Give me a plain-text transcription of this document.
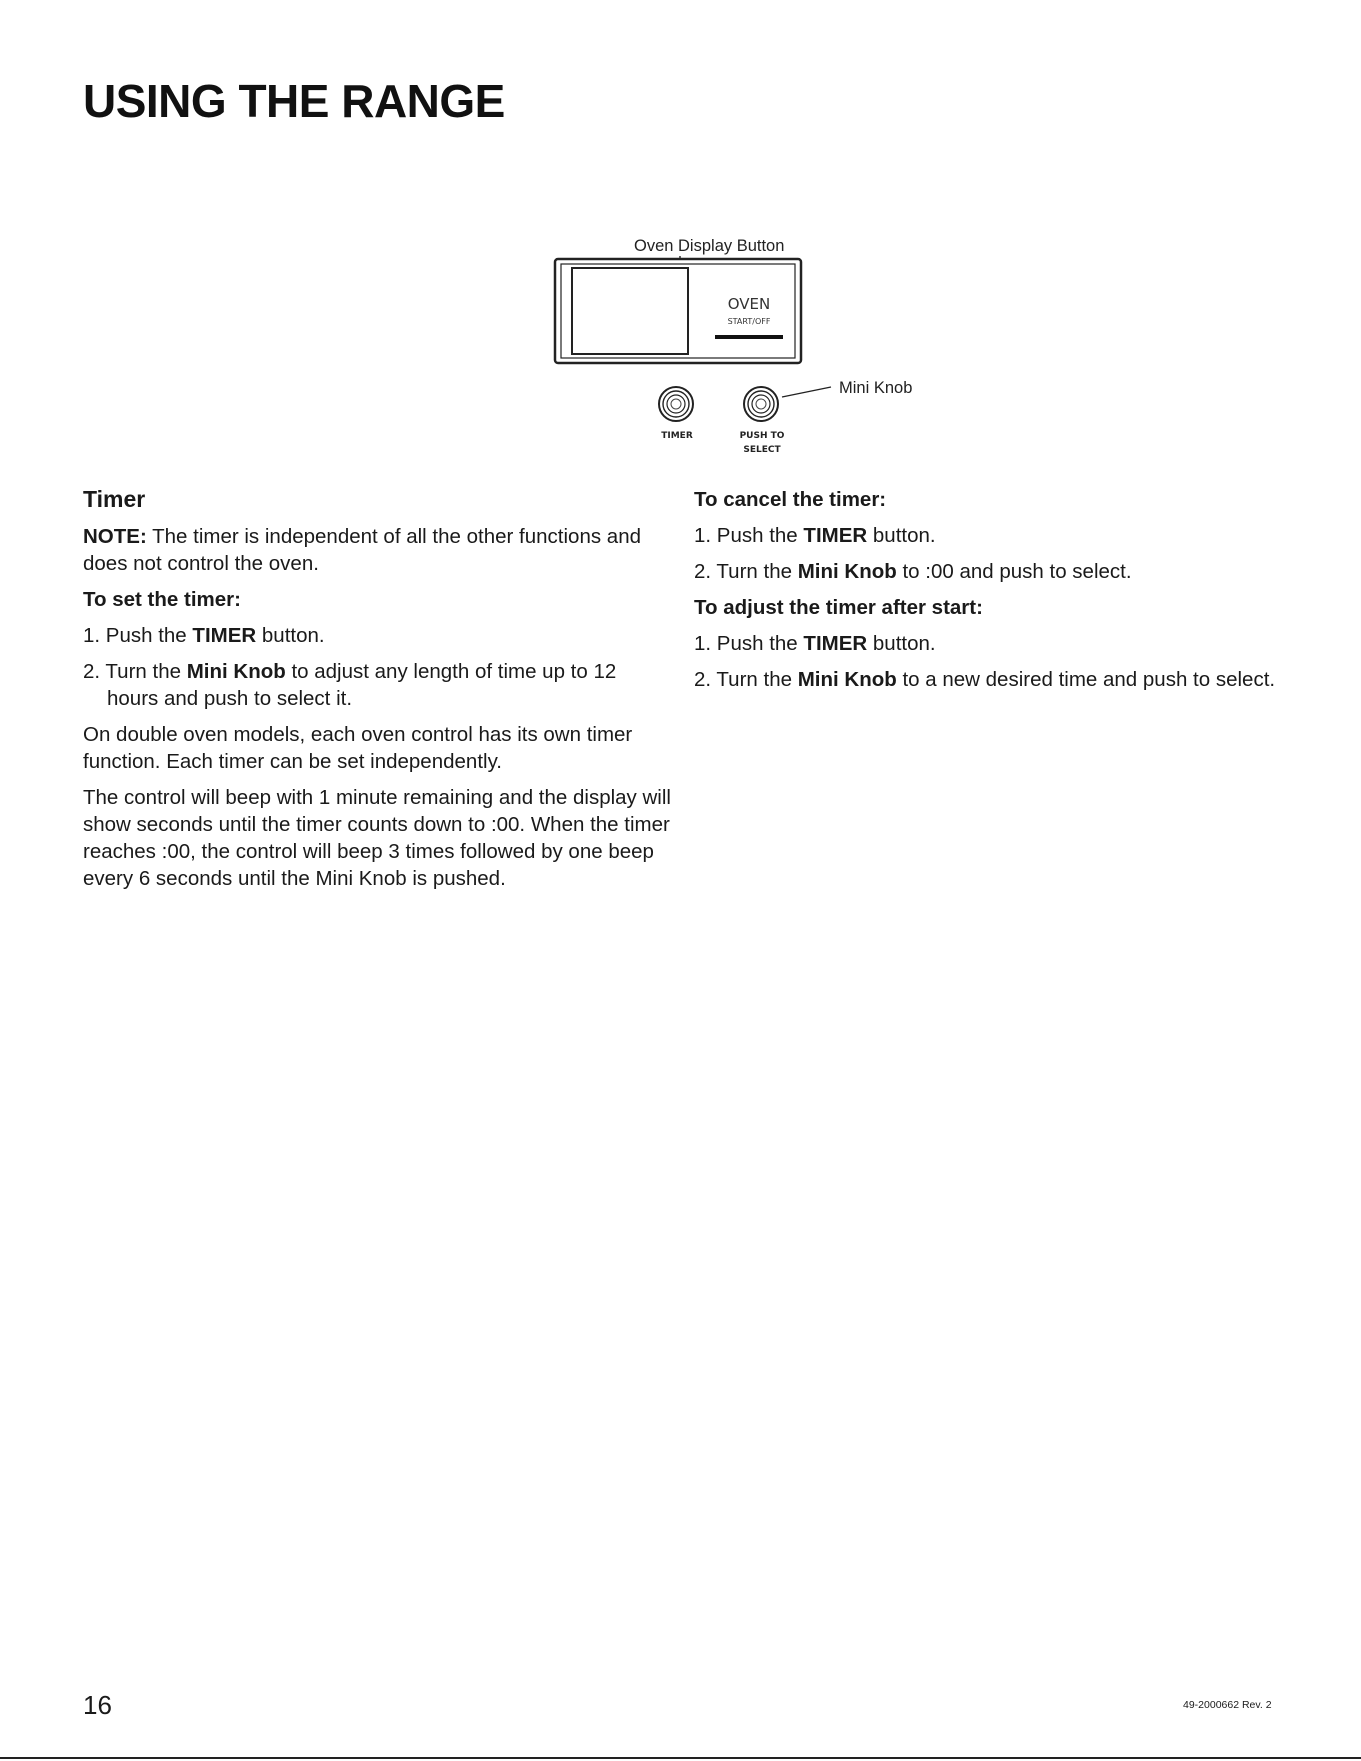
USING THE RANGE
Oven Display Button
OVEN
START/OFF
TIMER	PUSH TO
SELECT
Mini Knob

Timer

NOTE: The timer is independent of all the other functions and does not control the oven.

To set the timer:

1. Push the TIMER button.

2. Turn the Mini Knob to adjust any length of time up to 12 hours and push to select it.

On double oven models, each oven control has its own timer function. Each timer can be set independently.

The control will beep with 1 minute remaining and the display will show seconds until the timer counts down to :00. When the timer reaches :00, the control will beep 3 times followed by one beep every 6 seconds until the Mini Knob is pushed.

To cancel the timer:

1. Push the TIMER button.

2. Turn the Mini Knob to :00 and push to select.

To adjust the timer after start:

1. Push the TIMER button.

2. Turn the Mini Knob to a new desired time and push to select.

16	49-2000662 Rev. 2
